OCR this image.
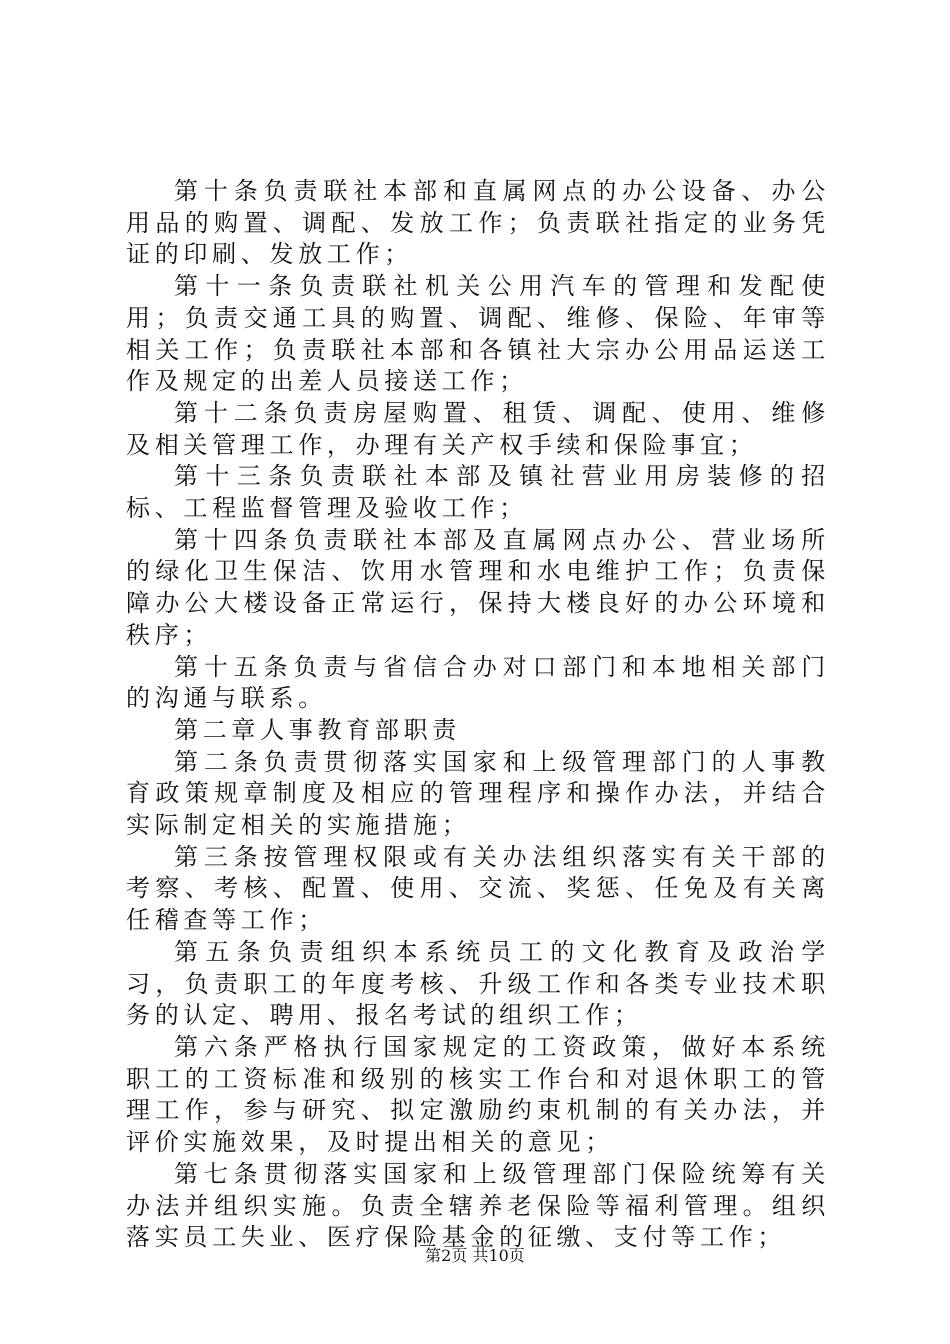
第十条负责联社本部和直属网点的办公设备、办公用品的购置、调配、发放工作；负责联社指定的业务凭证的印刷、发放工作；

第十一条负责联社机关公用汽车的管理和发配使用；负责交通工具的购置、调配、维修、保险、年审等相关工作；负责联社本部和各镇社大宗办公用品运送工作及规定的出差人员接送工作；

第十二条负责房屋购置、租赁、调配、使用、维修及相关管理工作，办理有关产权手续和保险事宜；

第十三条负责联社本部及镇社营业用房装修的招标、工程监督管理及验收工作；

第十四条负责联社本部及直属网点办公、营业场所的绿化卫生保洁、饮用水管理和水电维护工作；负责保障办公大楼设备正常运行，保持大楼良好的办公环境和秩序；

第十五条负责与省信合办对口部门和本地相关部门的沟通与联系。

第二章人事教育部职责

第二条负责贯彻落实国家和上级管理部门的人事教育政策规章制度及相应的管理程序和操作办法，并结合实际制定相关的实施措施；

第三条按管理权限或有关办法组织落实有关干部的考察、考核、配置、使用、交流、奖惩、任免及有关离任稽查等工作；

第五条负责组织本系统员工的文化教育及政治学习，负责职工的年度考核、升级工作和各类专业技术职务的认定、聘用、报名考试的组织工作；

第六条严格执行国家规定的工资政策，做好本系统职工的工资标准和级别的核实工作台和对退休职工的管理工作，参与研究、拟定激励约束机制的有关办法，并评价实施效果，及时提出相关的意见；

第七条贯彻落实国家和上级管理部门保险统筹有关办法并组织实施。负责全辖养老保险等福利管理。组织落实员工失业、医疗保险基金的征缴、支付等工作；

第2页 共10页
